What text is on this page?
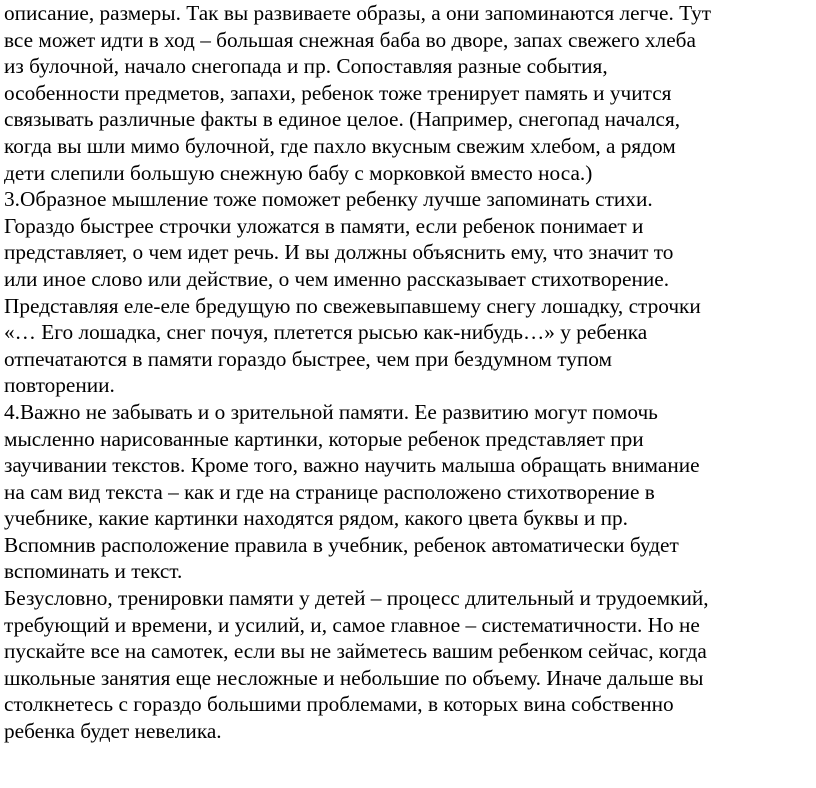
описание, размеры. Так вы развиваете образы, а они запоминаются легче. Тут
все может идти в ход – большая снежная баба во дворе, запах свежего хлеба
из булочной, начало снегопада и пр. Сопоставляя разные события,
особенности предметов, запахи, ребенок тоже тренирует память и учится
связывать различные факты в единое целое. (Например, снегопад начался,
когда вы шли мимо булочной, где пахло вкусным свежим хлебом, а рядом
дети слепили большую снежную бабу с морковкой вместо носа.)
3.Образное мышление тоже поможет ребенку лучше запоминать стихи.
Гораздо быстрее строчки уложатся в памяти, если ребенок понимает и
представляет, о чем идет речь. И вы должны объяснить ему, что значит то
или иное слово или действие, о чем именно рассказывает стихотворение.
Представляя еле-еле бредущую по свежевыпавшему снегу лошадку, строчки
«… Его лошадка, снег почуя, плетется рысью как-нибудь…» у ребенка
отпечатаются в памяти гораздо быстрее, чем при бездумном тупом
повторении.
4.Важно не забывать и о зрительной памяти. Ее развитию могут помочь
мысленно нарисованные картинки, которые ребенок представляет при
заучивании текстов. Кроме того, важно научить малыша обращать внимание
на сам вид текста – как и где на странице расположено стихотворение в
учебнике, какие картинки находятся рядом, какого цвета буквы и пр.
Вспомнив расположение правила в учебник, ребенок автоматически будет
вспоминать и текст.
Безусловно, тренировки памяти у детей – процесс длительный и трудоемкий,
требующий и времени, и усилий, и, самое главное – систематичности. Но не
пускайте все на самотек, если вы не займетесь вашим ребенком сейчас, когда
школьные занятия еще несложные и небольшие по объему. Иначе дальше вы
столкнетесь с гораздо большими проблемами, в которых вина собственно
ребенка будет невелика.
